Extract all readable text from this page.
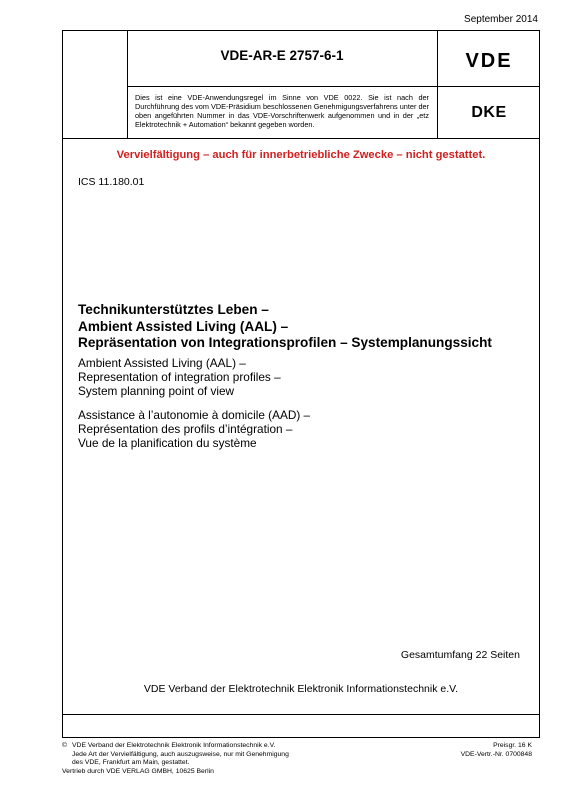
September 2014
VDE-AR-E 2757-6-1	VDE
Dies ist eine VDE-Anwendungsregel im Sinne von VDE 0022. Sie ist nach der Durchführung des vom VDE-Präsidium beschlossenen Genehmigungsverfahrens unter der oben angeführten Nummer in das VDE-Vorschriftenwerk aufgenommen und in der „etz Elektrotechnik + Automation“ bekannt gegeben worden.
DKE
Vervielfältigung – auch für innerbetriebliche Zwecke – nicht gestattet.
ICS 11.180.01
Technikunterstütztes Leben –
Ambient Assisted Living (AAL) –
Repräsentation von Integrationsprofilen – Systemplanungssicht
Ambient Assisted Living (AAL) –
Representation of integration profiles –
System planning point of view
Assistance à l’autonomie à domicile (AAD) –
Représentation des profils d’intégration –
Vue de la planification du système
Gesamtumfang 22 Seiten
VDE Verband der Elektrotechnik Elektronik Informationstechnik e.V.
© VDE Verband der Elektrotechnik Elektronik Informationstechnik e.V.
Jede Art der Vervielfältigung, auch auszugsweise, nur mit Genehmigung
des VDE, Frankfurt am Main, gestattet.
Vertrieb durch VDE VERLAG GMBH, 10625 Berlin
Preisgr. 16 K
VDE-Vertr.-Nr. 0700848
